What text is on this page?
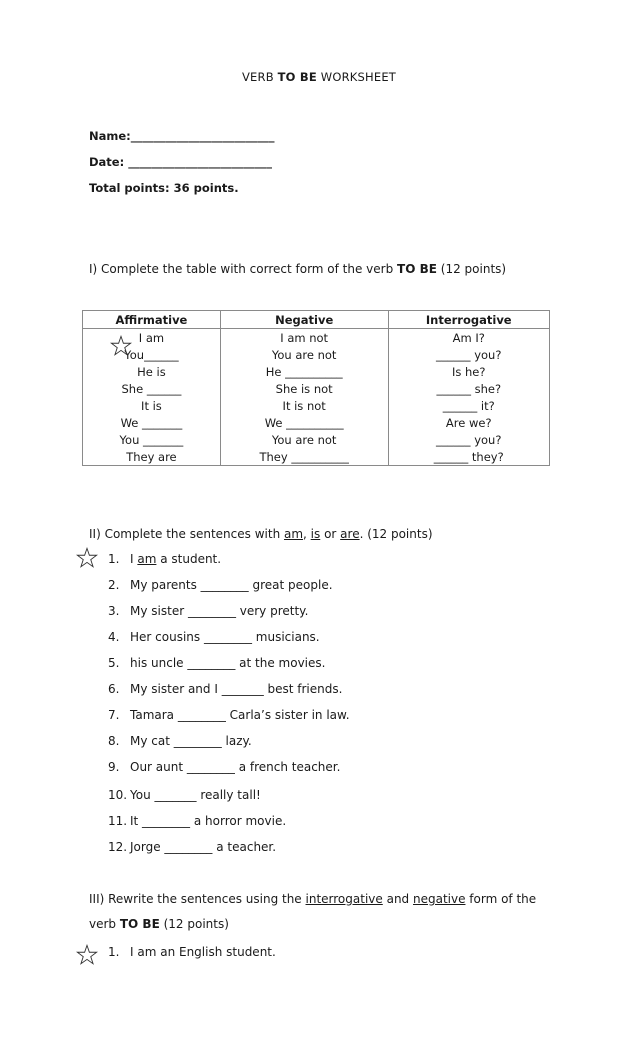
VERB TO BE WORKSHEET
Name:_________________________
Date: _________________________
Total points: 36 points.
I) Complete the table with correct form of the verb TO BE (12 points)
Affirmative	Negative	Interrogative
I am	I am not	Am I?
You______	You are not	______ you?
He is	He __________	Is he?
She ______	She is not	______ she?
It is	It is not	______ it?
We _______	We __________	Are we?
You _______	You are not	______ you?
They are	They __________	______ they?
II) Complete the sentences with am, is or are. (12 points)
1. I am a student.
2. My parents ________ great people.
3. My sister ________ very pretty.
4. Her cousins ________ musicians.
5. his uncle ________ at the movies.
6. My sister and I _______ best friends.
7. Tamara ________ Carla’s sister in law.
8. My cat ________ lazy.
9. Our aunt ________ a french teacher.
10. You _______ really tall!
11. It ________ a horror movie.
12. Jorge ________ a teacher.
III) Rewrite the sentences using the interrogative and negative form of the
verb TO BE (12 points)
1. I am an English student.
